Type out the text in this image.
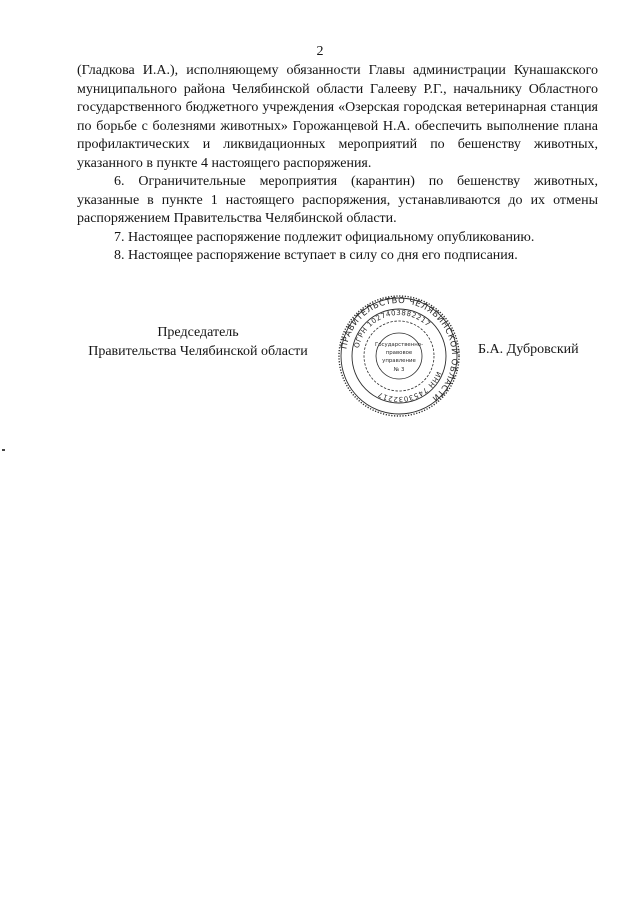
2

(Гладкова И.А.), исполняющему обязанности Главы администрации Кунашакского муниципального района Челябинской области Галееву Р.Г., начальнику Областного государственного бюджетного учреждения «Озерская городская ветеринарная станция по борьбе с болезнями животных» Горожанцевой Н.А. обеспечить выполнение плана профилактических и ликвидационных мероприятий по бешенству животных, указанного в пункте 4 настоящего распоряжения.

6. Ограничительные мероприятия (карантин) по бешенству животных, указанные в пункте 1 настоящего распоряжения, устанавливаются до их отмены распоряжением Правительства Челябинской области.

7. Настоящее распоряжение подлежит официальному опубликованию.

8. Настоящее распоряжение вступает в силу со дня его подписания.

Председатель
Правительства Челябинской области	ПРАВИТЕЛЬСТВО ЧЕЛЯБИНСКОЙ ОБЛАСТИ
ОГРН 1027403882217
ИНН 7453032217
Государственно-
правовое
управление
№ 3
Б.А. Дубровский
